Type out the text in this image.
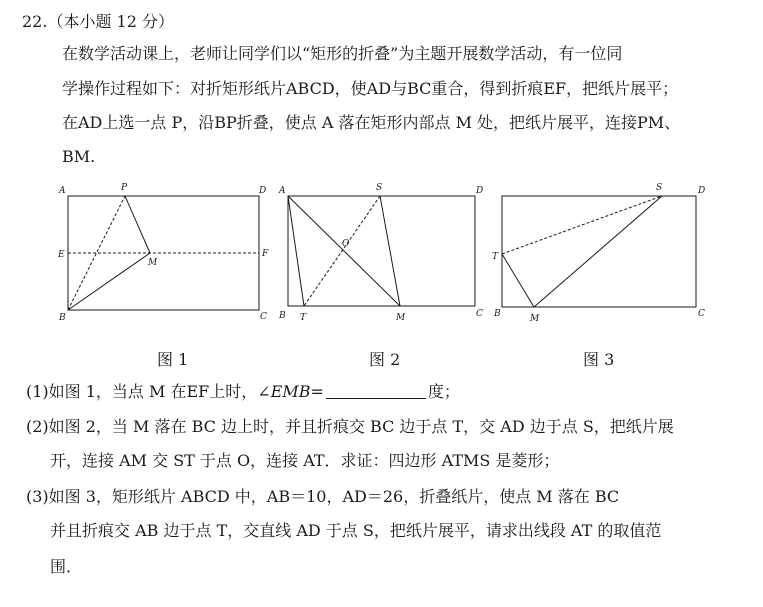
22.（本小题 12 分）
在数学活动课上，老师让同学们以“矩形的折叠”为主题开展数学活动，有一位同
学操作过程如下：对折矩形纸片ABCD，使AD与BC重合，得到折痕EF，把纸片展平；
在AD上选一点 P，沿BP折叠，使点 A 落在矩形内部点 M 处，把纸片展平，连接PM、
BM.
A	P	D
E	F
M
B	C
A	S	D
O
B T	M	C
S	D
T
B	M	C
图 1	图 2	图 3
(1)如图 1，当点 M 在EF上时，∠EMB=	度；
(2)如图 2，当 M 落在 BC 边上时，并且折痕交 BC 边于点 T，交 AD 边于点 S，把纸片展
开，连接 AM 交 ST 于点 O，连接 AT．求证：四边形 ATMS 是菱形；
(3)如图 3，矩形纸片 ABCD 中，AB＝10，AD＝26，折叠纸片，使点 M 落在 BC
并且折痕交 AB 边于点 T，交直线 AD 于点 S，把纸片展平，请求出线段 AT 的取值范
围．
